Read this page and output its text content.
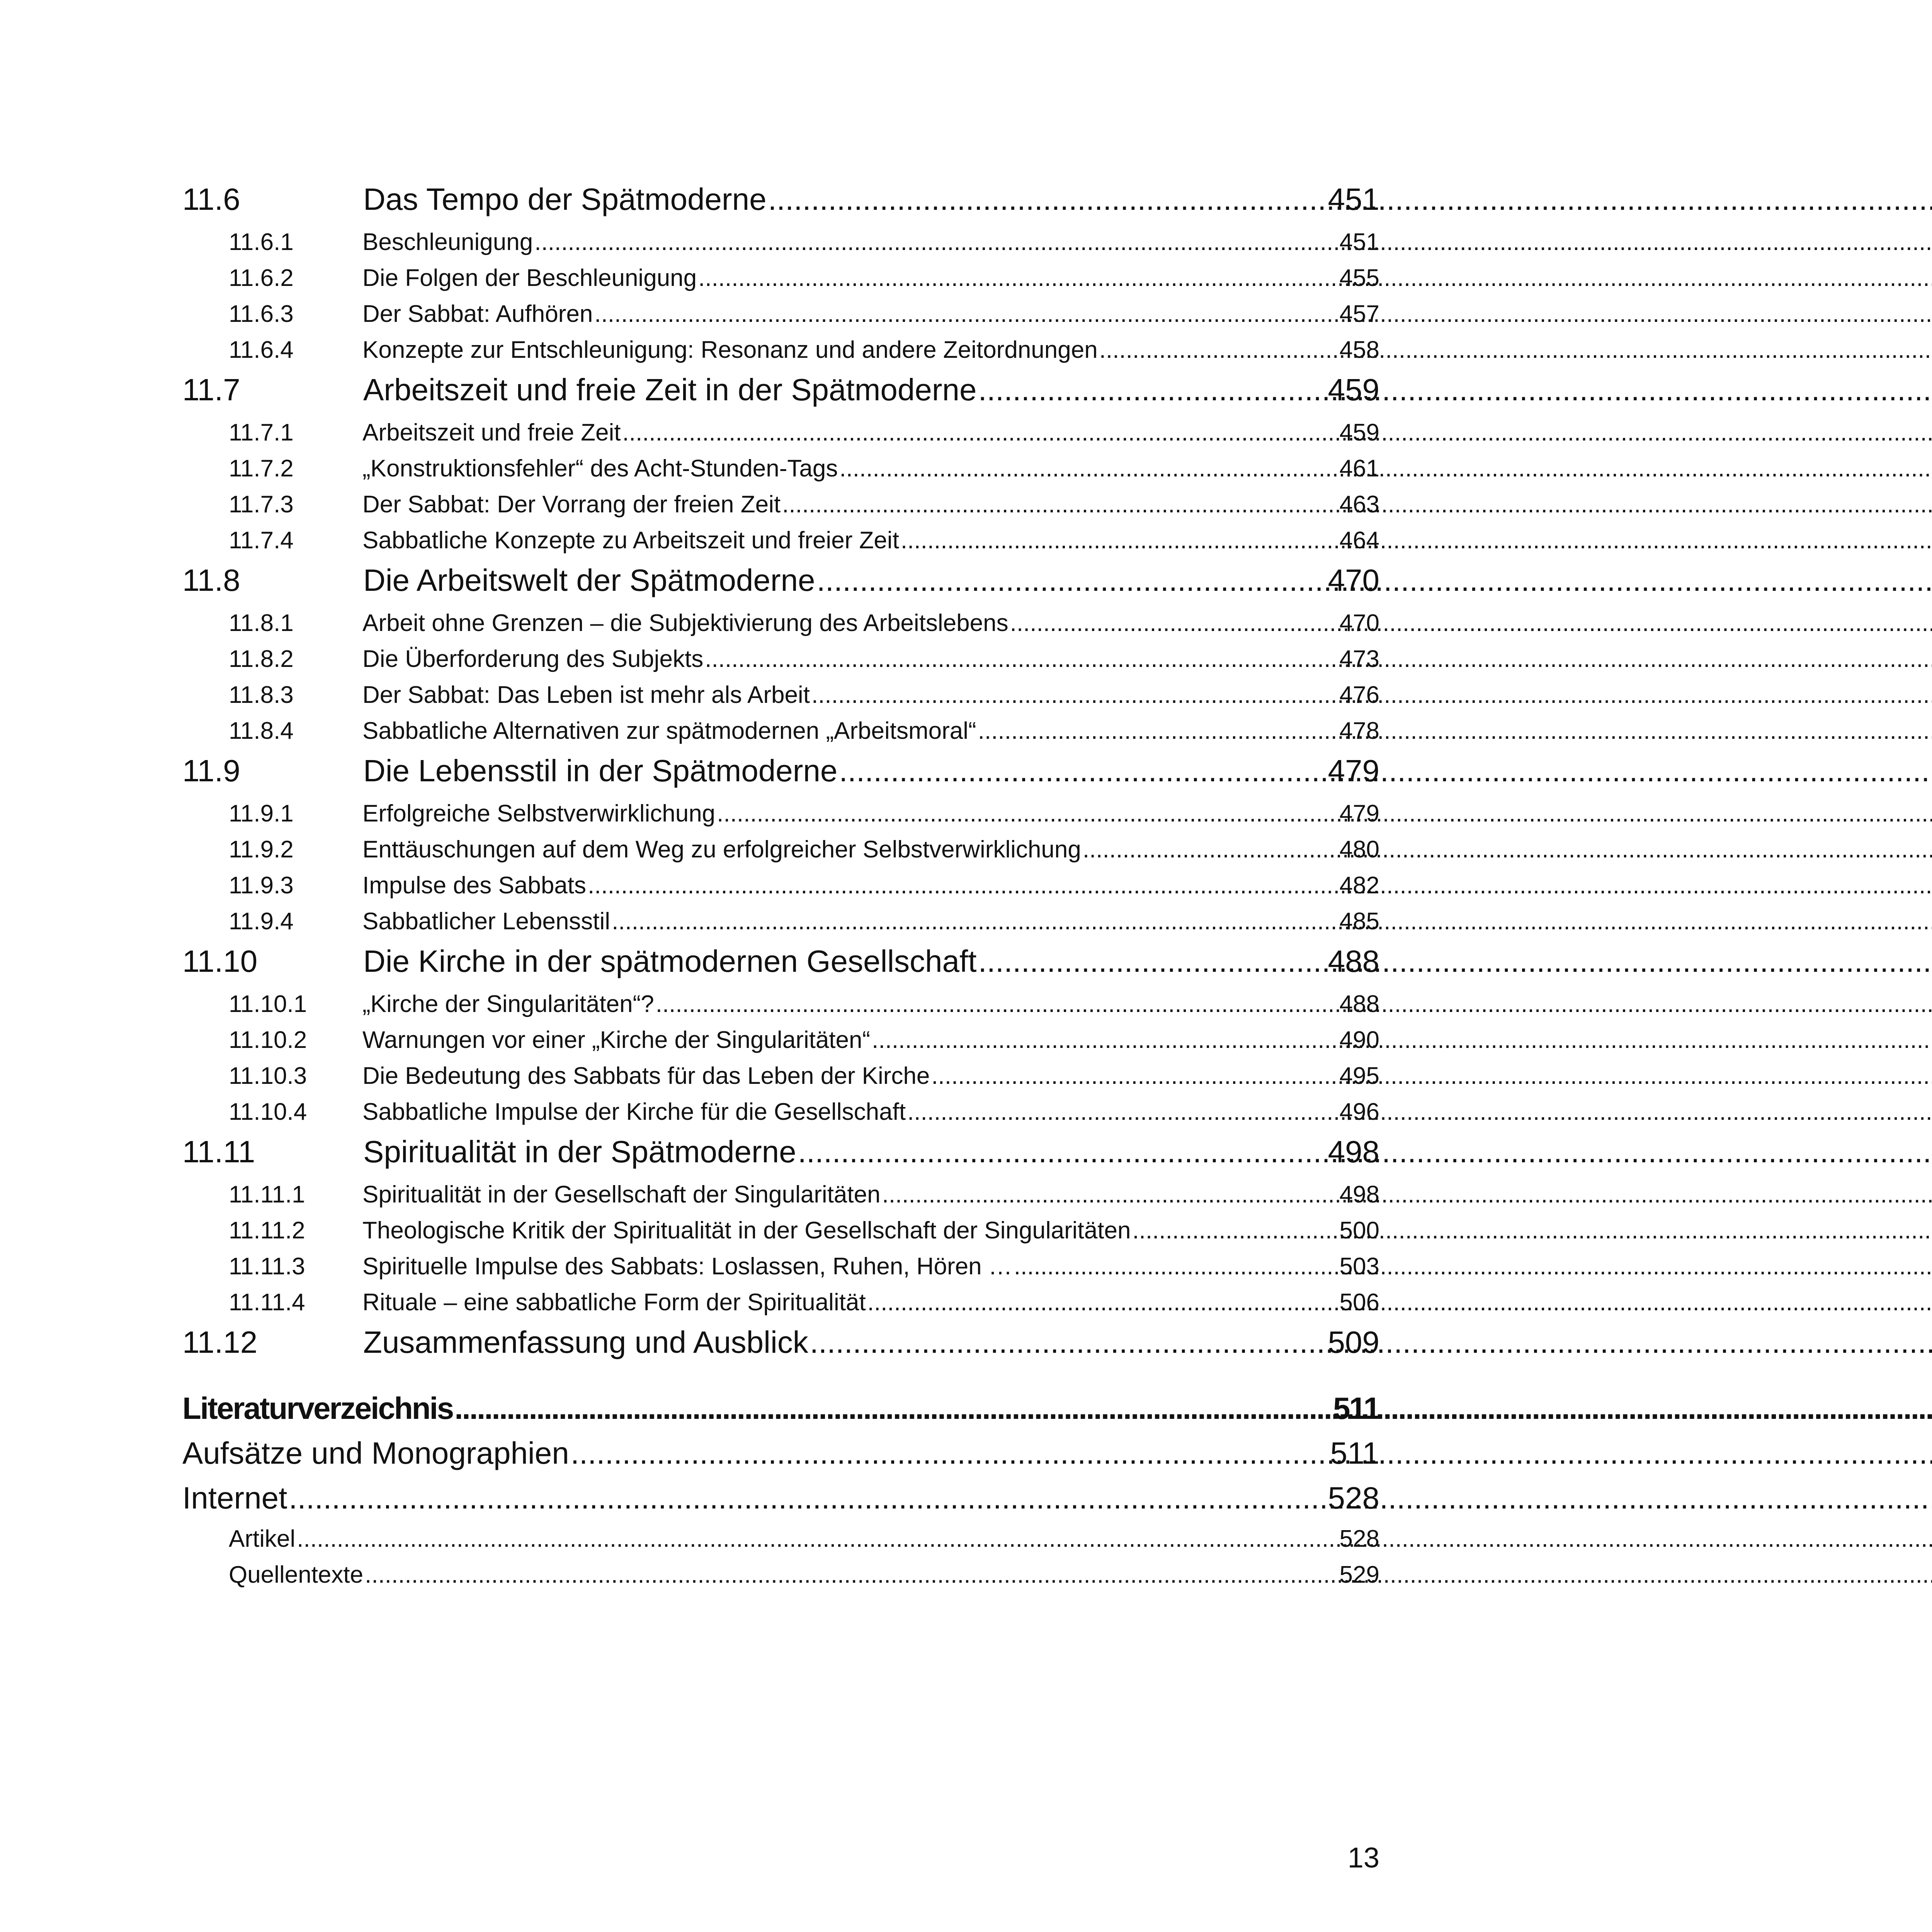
11.6	Das Tempo der Spätmoderne .....	451
11.6.1	Beschleunigung .....	451
11.6.2	Die Folgen der Beschleunigung .....	455
11.6.3	Der Sabbat: Aufhören .....	457
11.6.4	Konzepte zur Entschleunigung: Resonanz und andere Zeitordnungen .....	458
11.7	Arbeitszeit und freie Zeit in der Spätmoderne .....	459
11.7.1	Arbeitszeit und freie Zeit .....	459
11.7.2	„Konstruktionsfehler“ des Acht-Stunden-Tags .....	461
11.7.3	Der Sabbat: Der Vorrang der freien Zeit .....	463
11.7.4	Sabbatliche Konzepte zu Arbeitszeit und freier Zeit .....	464
11.8	Die Arbeitswelt der Spätmoderne .....	470
11.8.1	Arbeit ohne Grenzen – die Subjektivierung des Arbeitslebens .....	470
11.8.2	Die Überforderung des Subjekts .....	473
11.8.3	Der Sabbat: Das Leben ist mehr als Arbeit .....	476
11.8.4	Sabbatliche Alternativen zur spätmodernen „Arbeitsmoral“ .....	478
11.9	Die Lebensstil in der Spätmoderne .....	479
11.9.1	Erfolgreiche Selbstverwirklichung .....	479
11.9.2	Enttäuschungen auf dem Weg zu erfolgreicher Selbstverwirklichung .....	480
11.9.3	Impulse des Sabbats .....	482
11.9.4	Sabbatlicher Lebensstil .....	485
11.10	Die Kirche in der spätmodernen Gesellschaft .....	488
11.10.1	„Kirche der Singularitäten“? .....	488
11.10.2	Warnungen vor einer „Kirche der Singularitäten“ .....	490
11.10.3	Die Bedeutung des Sabbats für das Leben der Kirche .....	495
11.10.4	Sabbatliche Impulse der Kirche für die Gesellschaft .....	496
11.11	Spiritualität in der Spätmoderne .....	498
11.11.1	Spiritualität in der Gesellschaft der Singularitäten .....	498
11.11.2	Theologische Kritik der Spiritualität in der Gesellschaft der Singularitäten .....	500
11.11.3	Spirituelle Impulse des Sabbats: Loslassen, Ruhen, Hören … .....	503
11.11.4	Rituale – eine sabbatliche Form der Spiritualität .....	506
11.12	Zusammenfassung und Ausblick .....	509
Literaturverzeichnis .....	511
Aufsätze und Monographien .....	511
Internet .....	528
Artikel .....	528
Quellentexte .....	529
13
